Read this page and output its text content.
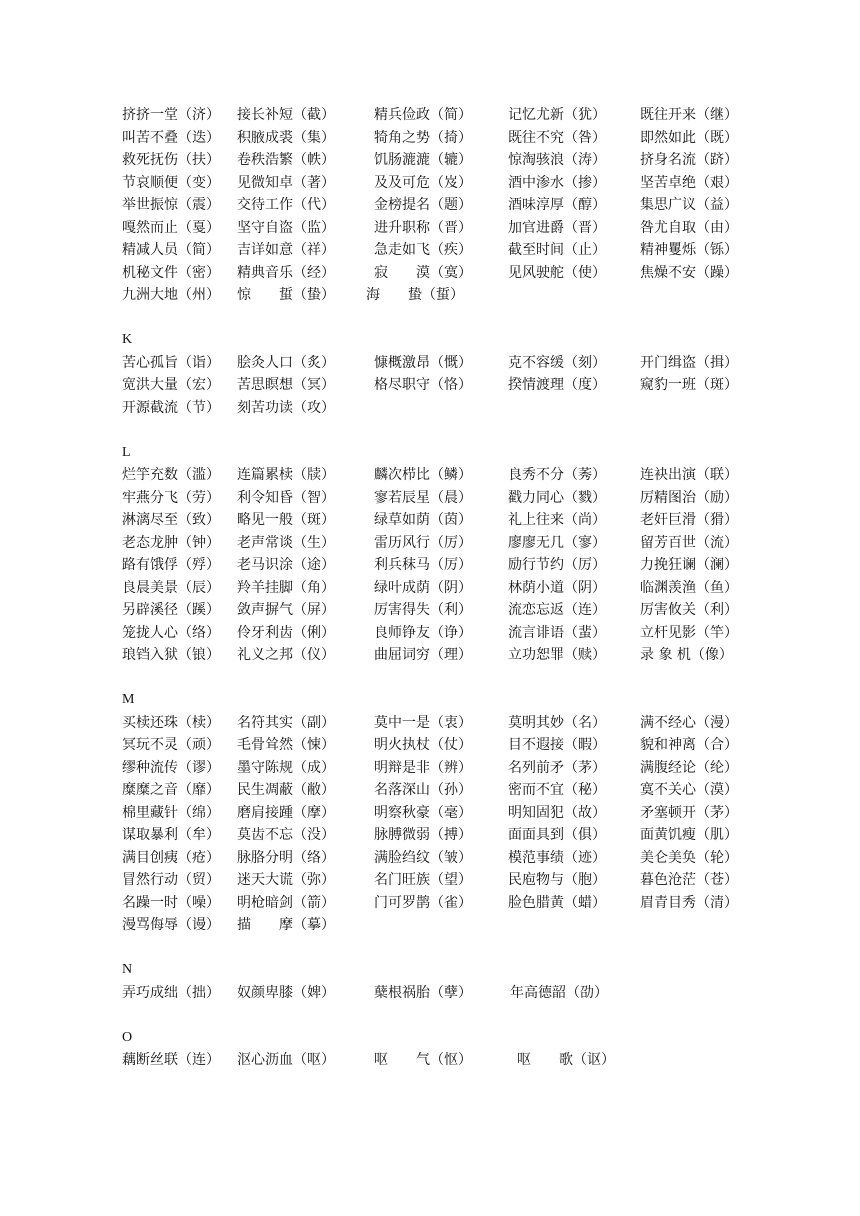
挤挤一堂（济） 接长补短（截）	精兵俭政（简）	记忆尤新（犹） 既往开来（继）
叫苦不叠（迭） 积腋成裘（集）	犄角之势（掎）	既往不究（咎） 即然如此（既）
救死抚伤（扶） 卷秩浩繁（帙）	饥肠漉漉（辘）	惊淘骇浪（涛） 挤身名流（跻）
节哀顺便（变） 见微知卓（著）	及及可危（岌）	酒中渗水（掺） 坚苦卓绝（艰）
举世振惊（震） 交待工作（代）	金榜提名（题）	酒味淳厚（醇） 集思广议（益）
嘎然而止（戛） 坚守自盗（监）	进升职称（晋）	加官进爵（晋） 咎尤自取（由）
精减人员（简） 吉详如意（祥）	急走如飞（疾）	截至时间（止） 精神矍烁（铄）
机秘文件（密） 精典音乐（经）	寂　　漠（寞）	见风驶舵（使） 焦燥不安（躁）
九洲大地（州） 惊　　蜇（蛰） 海　　蛰（蜇）
K
苦心孤旨（诣） 脍灸人口（炙）	慷概激昂（慨）	克不容缓（刻） 开门缉盗（揖）
宽洪大量（宏） 苦思瞑想（冥）	格尽职守（恪）	揆情渡理（度） 窥豹一班（斑）
开源截流（节） 刻苦功读（攻）
L
烂竽充数（滥） 连篇累椟（牍）	麟次栉比（鳞）	良秀不分（莠） 连袂出演（联）
牢燕分飞（劳） 利令知昏（智）	寥若辰星（晨）	戳力同心（戮） 厉精图治（励）
淋漓尽至（致） 略见一般（斑）	绿草如荫（茵）	礼上往来（尚） 老奸巨滑（猾）
老态龙肿（钟） 老声常谈（生）	雷历风行（厉）	廖廖无几（寥） 留芳百世（流）
路有饿俘（殍） 老马识涂（途）	利兵秣马（厉）	励行节约（厉） 力挽狂谰（澜）
良晨美景（辰） 羚羊挂脚（角）	绿叶成荫（阴）	林荫小道（阴） 临渊羡渔（鱼）
另辟溪径（蹊） 敛声摒气（屏）	厉害得失（利）	流恋忘返（连） 厉害攸关（利）
笼拢人心（络） 伶牙利齿（俐）	良师铮友（诤）	流言诽语（蜚） 立杆见影（竿）
琅铛入狱（锒） 礼义之邦（仪）	曲屈词穷（理）	立功恕罪（赎） 录 象 机（像）
M
买椟还珠（椟） 名符其实（副）	莫中一是（衷）	莫明其妙（名） 满不经心（漫）
冥玩不灵（顽） 毛骨耸然（悚）	明火执杖（仗）	目不遐接（暇） 貌和神离（合）
缪种流传（谬） 墨守陈规（成）	明辩是非（辨）	名列前矛（茅） 满腹经论（纶）
糜糜之音（靡） 民生凋蔽（敝）	名落深山（孙）	密而不宜（秘） 寞不关心（漠）
棉里藏针（绵） 磨肩接踵（摩）	明察秋豪（毫）	明知固犯（故） 矛塞顿开（茅）
谋取暴利（牟） 莫齿不忘（没）	脉膊微弱（搏）	面面具到（俱） 面黄饥瘦（肌）
满目创痍（疮） 脉胳分明（络）	满脸绉纹（皱）	模范事绩（迹） 美仑美奂（轮）
冒然行动（贸） 迷天大谎（弥）	名门旺族（望）	民庖物与（胞） 暮色沧茫（苍）
名躁一时（噪） 明枪暗剑（箭）	门可罗鹊（雀）	脸色腊黄（蜡） 眉青目秀（清）
漫骂侮辱（谩） 描　　摩（摹）
N
弄巧成绌（拙） 奴颜卑膝（婢）	蘖根祸胎（孽）	年高德韶（劭）
O
藕断丝联（连） 沤心沥血（呕）	呕　　气（怄）	呕　　歌（讴）
